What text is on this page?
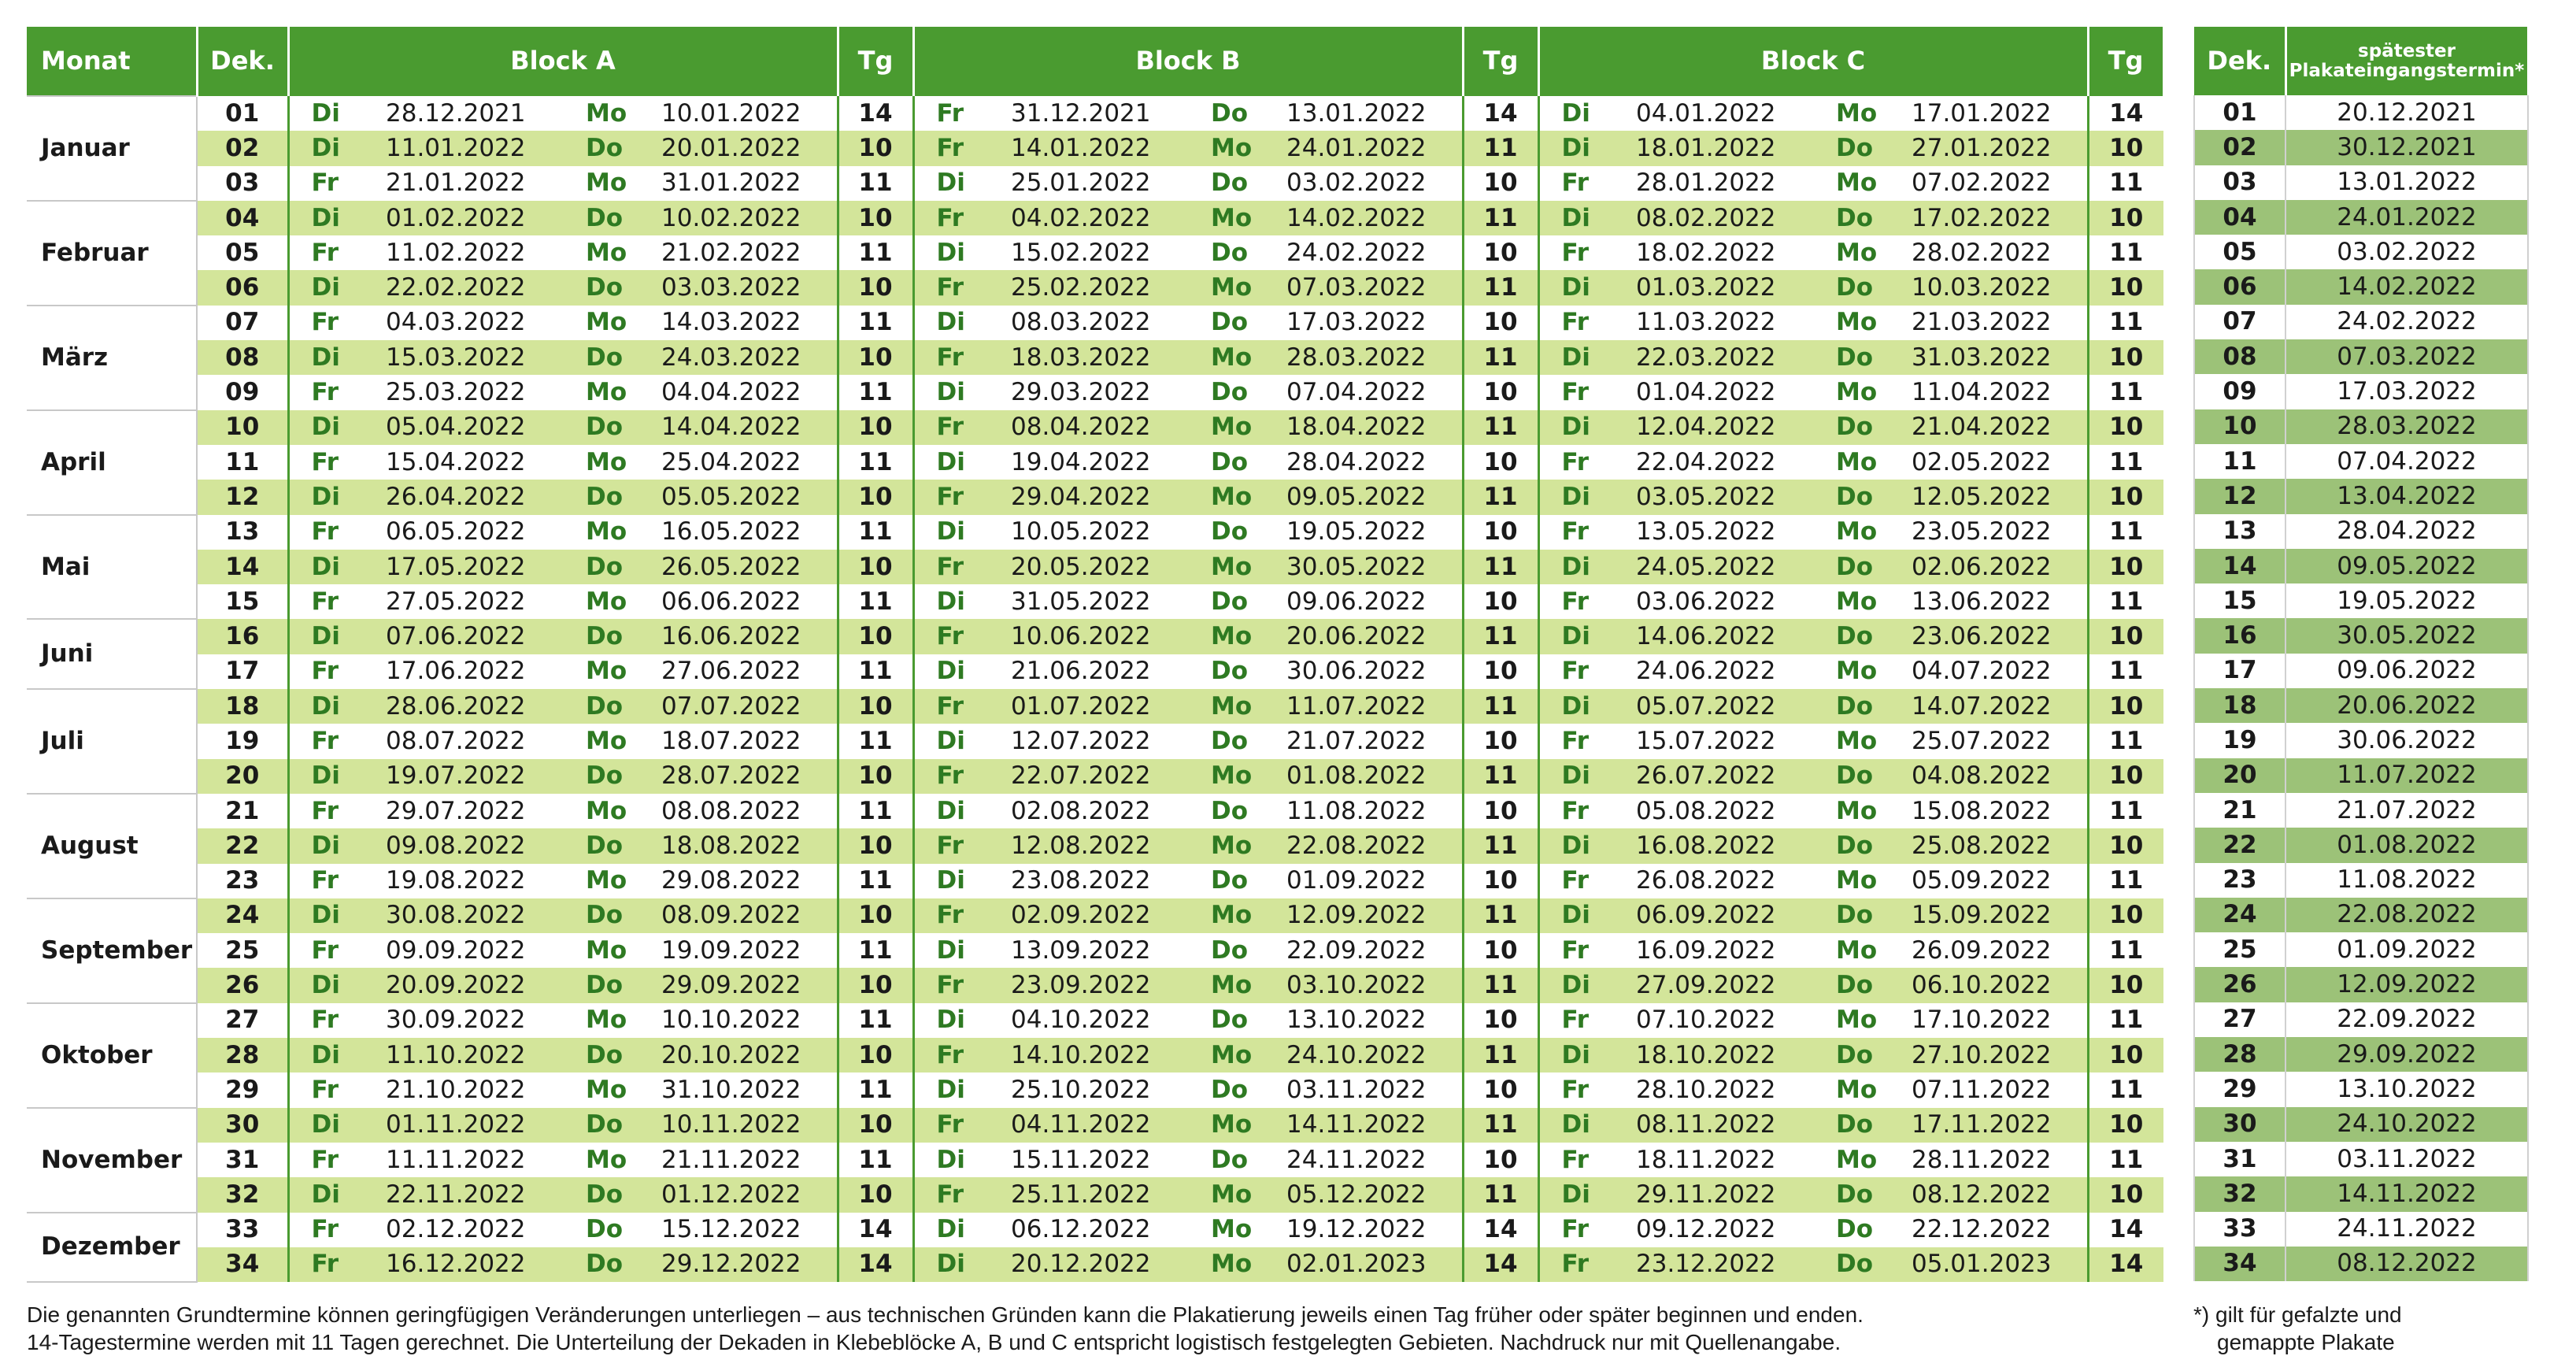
Monat	Dek.	Block A				Tg	Block B				Tg	Block C				Tg
Januar	01	Di	28.12.2021	Mo	10.01.2022	14	Fr	31.12.2021	Do	13.01.2022	14	Di	04.01.2022	Mo	17.01.2022	14
	02	Di	11.01.2022	Do	20.01.2022	10	Fr	14.01.2022	Mo	24.01.2022	11	Di	18.01.2022	Do	27.01.2022	10
	03	Fr	21.01.2022	Mo	31.01.2022	11	Di	25.01.2022	Do	03.02.2022	10	Fr	28.01.2022	Mo	07.02.2022	11
Februar	04	Di	01.02.2022	Do	10.02.2022	10	Fr	04.02.2022	Mo	14.02.2022	11	Di	08.02.2022	Do	17.02.2022	10
	05	Fr	11.02.2022	Mo	21.02.2022	11	Di	15.02.2022	Do	24.02.2022	10	Fr	18.02.2022	Mo	28.02.2022	11
	06	Di	22.02.2022	Do	03.03.2022	10	Fr	25.02.2022	Mo	07.03.2022	11	Di	01.03.2022	Do	10.03.2022	10
März	07	Fr	04.03.2022	Mo	14.03.2022	11	Di	08.03.2022	Do	17.03.2022	10	Fr	11.03.2022	Mo	21.03.2022	11
	08	Di	15.03.2022	Do	24.03.2022	10	Fr	18.03.2022	Mo	28.03.2022	11	Di	22.03.2022	Do	31.03.2022	10
	09	Fr	25.03.2022	Mo	04.04.2022	11	Di	29.03.2022	Do	07.04.2022	10	Fr	01.04.2022	Mo	11.04.2022	11
April	10	Di	05.04.2022	Do	14.04.2022	10	Fr	08.04.2022	Mo	18.04.2022	11	Di	12.04.2022	Do	21.04.2022	10
	11	Fr	15.04.2022	Mo	25.04.2022	11	Di	19.04.2022	Do	28.04.2022	10	Fr	22.04.2022	Mo	02.05.2022	11
	12	Di	26.04.2022	Do	05.05.2022	10	Fr	29.04.2022	Mo	09.05.2022	11	Di	03.05.2022	Do	12.05.2022	10
Mai	13	Fr	06.05.2022	Mo	16.05.2022	11	Di	10.05.2022	Do	19.05.2022	10	Fr	13.05.2022	Mo	23.05.2022	11
	14	Di	17.05.2022	Do	26.05.2022	10	Fr	20.05.2022	Mo	30.05.2022	11	Di	24.05.2022	Do	02.06.2022	10
	15	Fr	27.05.2022	Mo	06.06.2022	11	Di	31.05.2022	Do	09.06.2022	10	Fr	03.06.2022	Mo	13.06.2022	11
Juni	16	Di	07.06.2022	Do	16.06.2022	10	Fr	10.06.2022	Mo	20.06.2022	11	Di	14.06.2022	Do	23.06.2022	10
	17	Fr	17.06.2022	Mo	27.06.2022	11	Di	21.06.2022	Do	30.06.2022	10	Fr	24.06.2022	Mo	04.07.2022	11
Juli	18	Di	28.06.2022	Do	07.07.2022	10	Fr	01.07.2022	Mo	11.07.2022	11	Di	05.07.2022	Do	14.07.2022	10
	19	Fr	08.07.2022	Mo	18.07.2022	11	Di	12.07.2022	Do	21.07.2022	10	Fr	15.07.2022	Mo	25.07.2022	11
	20	Di	19.07.2022	Do	28.07.2022	10	Fr	22.07.2022	Mo	01.08.2022	11	Di	26.07.2022	Do	04.08.2022	10
August	21	Fr	29.07.2022	Mo	08.08.2022	11	Di	02.08.2022	Do	11.08.2022	10	Fr	05.08.2022	Mo	15.08.2022	11
	22	Di	09.08.2022	Do	18.08.2022	10	Fr	12.08.2022	Mo	22.08.2022	11	Di	16.08.2022	Do	25.08.2022	10
	23	Fr	19.08.2022	Mo	29.08.2022	11	Di	23.08.2022	Do	01.09.2022	10	Fr	26.08.2022	Mo	05.09.2022	11
September	24	Di	30.08.2022	Do	08.09.2022	10	Fr	02.09.2022	Mo	12.09.2022	11	Di	06.09.2022	Do	15.09.2022	10
	25	Fr	09.09.2022	Mo	19.09.2022	11	Di	13.09.2022	Do	22.09.2022	10	Fr	16.09.2022	Mo	26.09.2022	11
	26	Di	20.09.2022	Do	29.09.2022	10	Fr	23.09.2022	Mo	03.10.2022	11	Di	27.09.2022	Do	06.10.2022	10
Oktober	27	Fr	30.09.2022	Mo	10.10.2022	11	Di	04.10.2022	Do	13.10.2022	10	Fr	07.10.2022	Mo	17.10.2022	11
	28	Di	11.10.2022	Do	20.10.2022	10	Fr	14.10.2022	Mo	24.10.2022	11	Di	18.10.2022	Do	27.10.2022	10
	29	Fr	21.10.2022	Mo	31.10.2022	11	Di	25.10.2022	Do	03.11.2022	10	Fr	28.10.2022	Mo	07.11.2022	11
November	30	Di	01.11.2022	Do	10.11.2022	10	Fr	04.11.2022	Mo	14.11.2022	11	Di	08.11.2022	Do	17.11.2022	10
	31	Fr	11.11.2022	Mo	21.11.2022	11	Di	15.11.2022	Do	24.11.2022	10	Fr	18.11.2022	Mo	28.11.2022	11
	32	Di	22.11.2022	Do	01.12.2022	10	Fr	25.11.2022	Mo	05.12.2022	11	Di	29.11.2022	Do	08.12.2022	10
Dezember	33	Fr	02.12.2022	Do	15.12.2022	14	Di	06.12.2022	Mo	19.12.2022	14	Fr	09.12.2022	Do	22.12.2022	14
	34	Fr	16.12.2022	Do	29.12.2022	14	Di	20.12.2022	Mo	02.01.2023	14	Fr	23.12.2022	Do	05.01.2023	14
Dek.	spätester
Plakateingangstermin*
01	20.12.2021
02	30.12.2021
03	13.01.2022
04	24.01.2022
05	03.02.2022
06	14.02.2022
07	24.02.2022
08	07.03.2022
09	17.03.2022
10	28.03.2022
11	07.04.2022
12	13.04.2022
13	28.04.2022
14	09.05.2022
15	19.05.2022
16	30.05.2022
17	09.06.2022
18	20.06.2022
19	30.06.2022
20	11.07.2022
21	21.07.2022
22	01.08.2022
23	11.08.2022
24	22.08.2022
25	01.09.2022
26	12.09.2022
27	22.09.2022
28	29.09.2022
29	13.10.2022
30	24.10.2022
31	03.11.2022
32	14.11.2022
33	24.11.2022
34	08.12.2022
Die genannten Grundtermine können geringfügigen Veränderungen unterliegen – aus technischen Gründen kann die Plakatierung jeweils einen Tag früher oder später beginnen und enden.
14-Tagestermine werden mit 11 Tagen gerechnet. Die Unterteilung der Dekaden in Klebeblöcke A, B und C entspricht logistisch festgelegten Gebieten. Nachdruck nur mit Quellenangabe.
*) gilt für gefalzte und
gemappte Plakate
